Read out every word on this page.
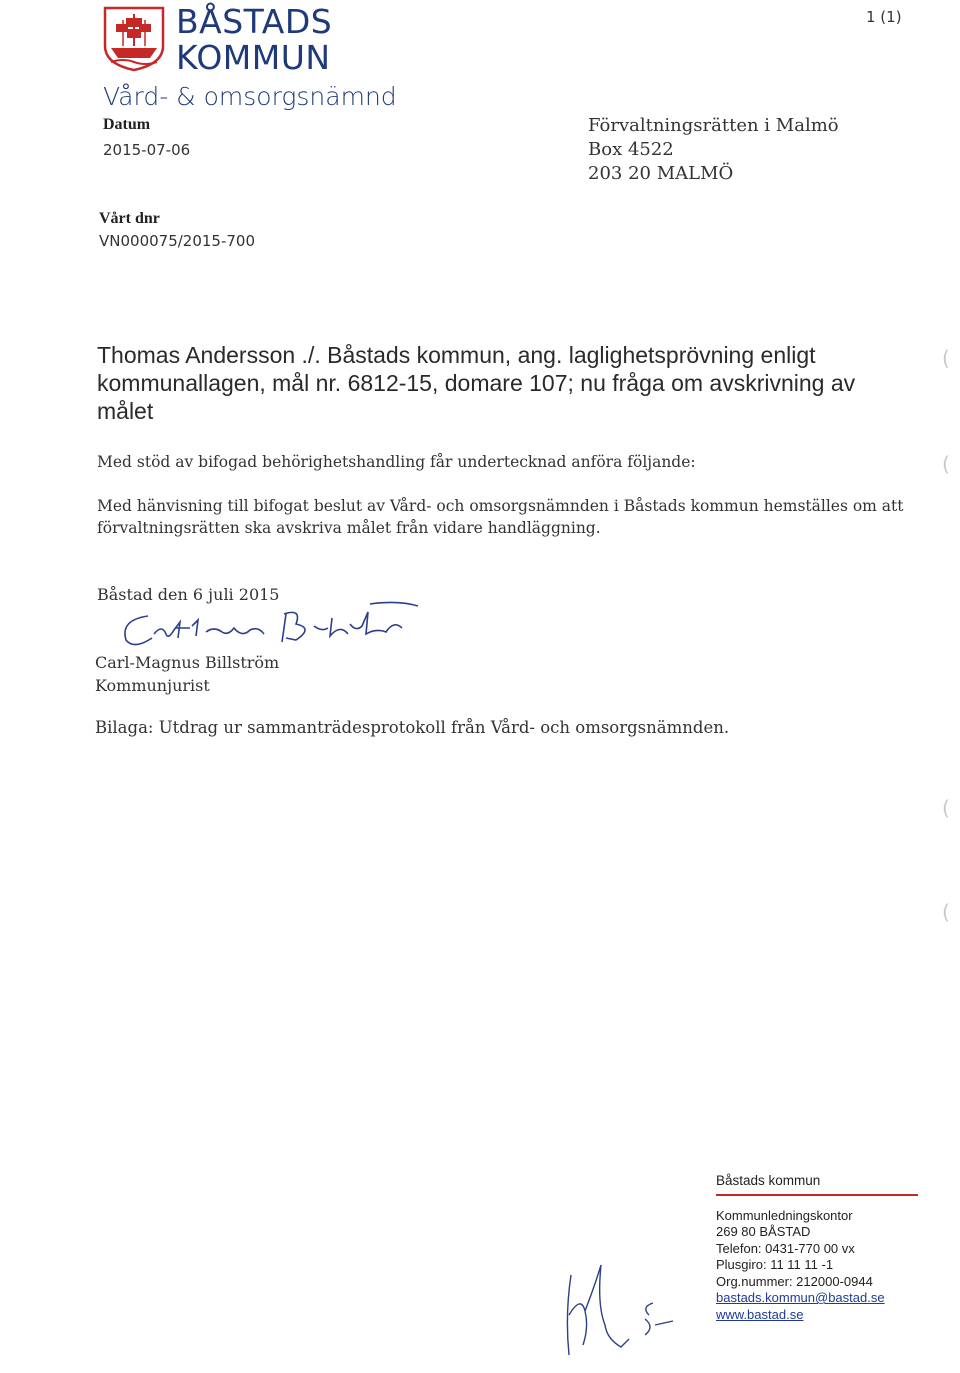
BÅSTADS
KOMMUN
Vård- & omsorgsnämnd
1 (1)
Datum
2015-07-06
Vårt dnr
VN000075/2015-700
Förvaltningsrätten i Malmö
Box 4522
203 20 MALMÖ
Thomas Andersson ./. Båstads kommun, ang. laglighetsprövning enligt kommunallagen, mål nr. 6812-15, domare 107; nu fråga om avskrivning av målet
Med stöd av bifogad behörighetshandling får undertecknad anföra följande:
Med hänvisning till bifogat beslut av Vård- och omsorgsnämnden i Båstads kommun hemställes om att förvaltningsrätten ska avskriva målet från vidare handläggning.
Båstad den 6 juli 2015
Carl-Magnus Billström
Kommunjurist
Bilaga: Utdrag ur sammanträdesprotokoll från Vård- och omsorgsnämnden.
(
(
(
(
Båstads kommun
Kommunledningskontor
269 80 BÅSTAD
Telefon: 0431-770 00 vx
Plusgiro: 11 11 11 -1
Org.nummer: 212000-0944
bastads.kommun@bastad.se
www.bastad.se
